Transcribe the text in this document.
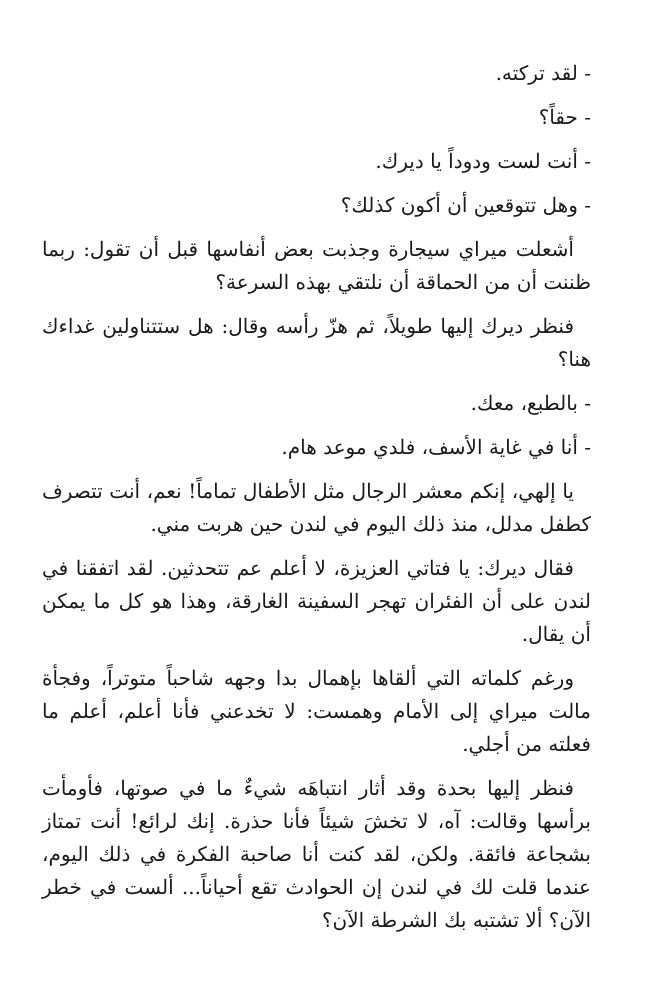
- لقد تركته.

- حقاً؟

- أنت لست ودوداً يا ديرك.

- وهل تتوقعين أن أكون كذلك؟

أشعلت ميراي سيجارة وجذبت بعض أنفاسها قبل أن تقول: ربما ظننت أن من الحماقة أن نلتقي بهذه السرعة؟

فنظر ديرك إليها طويلاً، ثم هزّ رأسه وقال: هل ستتناولين غداءك هنا؟

- بالطبع، معك.

- أنا في غاية الأسف، فلدي موعد هام.

يا إلهي، إنكم معشر الرجال مثل الأطفال تماماً! نعم، أنت تتصرف كطفل مدلل، منذ ذلك اليوم في لندن حين هربت مني.

فقال ديرك: يا فتاتي العزيزة، لا أعلم عم تتحدثين. لقد اتفقنا في لندن على أن الفئران تهجر السفينة الغارقة، وهذا هو كل ما يمكن أن يقال.

ورغم كلماته التي ألقاها بإهمال بدا وجهه شاحباً متوتراً، وفجأة مالت ميراي إلى الأمام وهمست: لا تخدعني فأنا أعلم، أعلم ما فعلته من أجلي.

فنظر إليها بحدة وقد أثار انتباهَه شيءٌ ما في صوتها، فأومأت برأسها وقالت: آه، لا تخشَ شيئاً فأنا حذرة. إنك لرائع! أنت تمتاز بشجاعة فائقة. ولكن، لقد كنت أنا صاحبة الفكرة في ذلك اليوم، عندما قلت لك في لندن إن الحوادث تقع أحياناً... ألست في خطر الآن؟ ألا تشتبه بك الشرطة الآن؟
